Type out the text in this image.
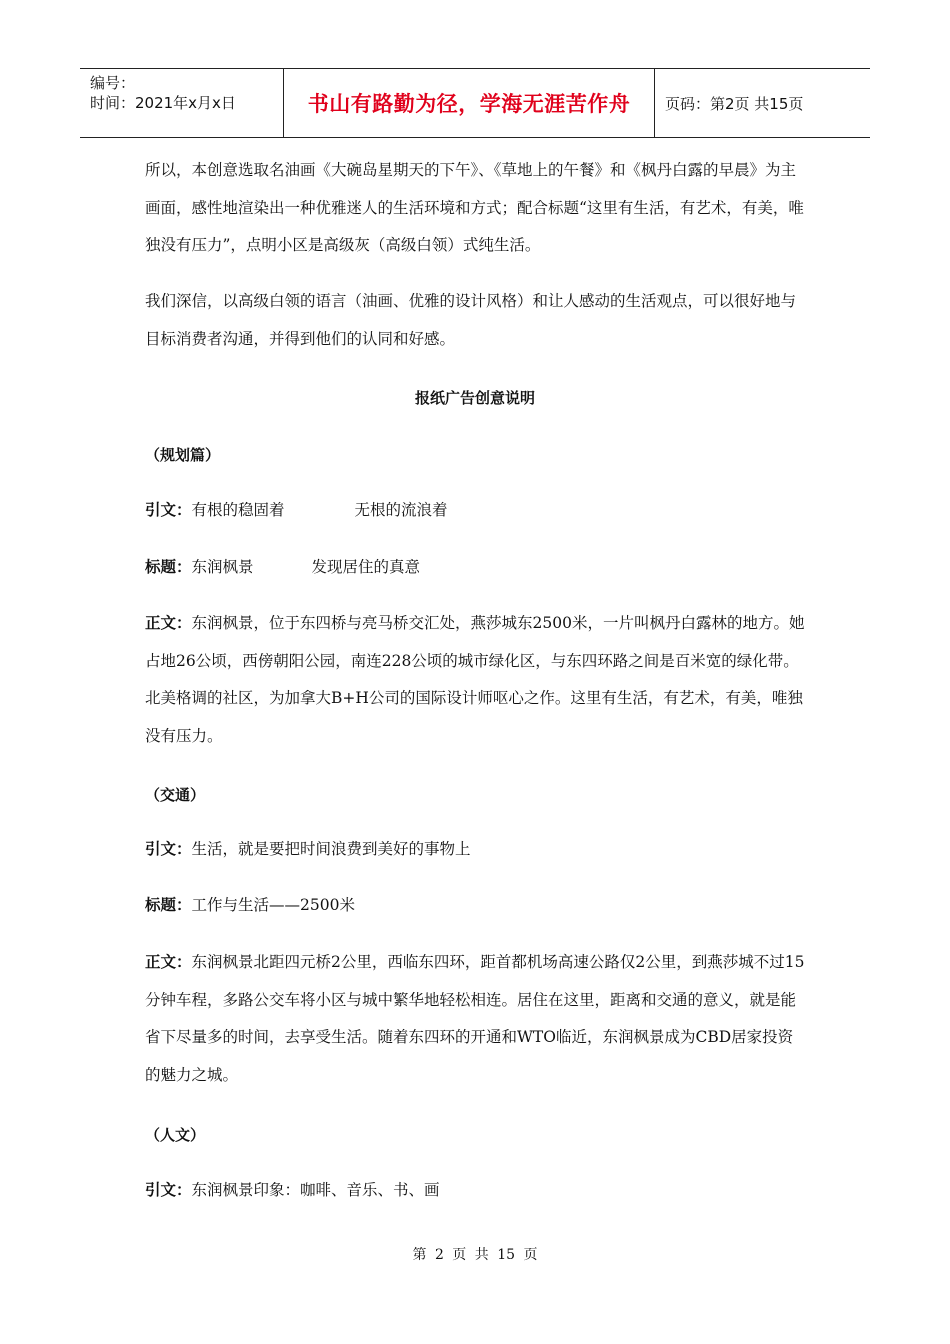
编号：
时间：2021年x月x日	书山有路勤为径，学海无涯苦作舟	页码：第2页 共15页

所以，本创意选取名油画《大碗岛星期天的下午》、《草地上的午餐》和《枫丹白露的早晨》为主画面，感性地渲染出一种优雅迷人的生活环境和方式；配合标题“这里有生活，有艺术，有美，唯独没有压力”，点明小区是高级灰（高级白领）式纯生活。

我们深信，以高级白领的语言（油画、优雅的设计风格）和让人感动的生活观点，可以很好地与目标消费者沟通，并得到他们的认同和好感。

报纸广告创意说明
（规划篇）

引文：有根的稳固着	无根的流浪着

标题：东润枫景	发现居住的真意

正文：东润枫景，位于东四桥与亮马桥交汇处，燕莎城东2500米，一片叫枫丹白露林的地方。她占地26公顷，西傍朝阳公园，南连228公顷的城市绿化区，与东四环路之间是百米宽的绿化带。北美格调的社区，为加拿大B+H公司的国际设计师呕心之作。这里有生活，有艺术，有美，唯独没有压力。

（交通）

引文：生活，就是要把时间浪费到美好的事物上

标题：工作与生活——2500米

正文：东润枫景北距四元桥2公里，西临东四环，距首都机场高速公路仅2公里，到燕莎城不过15分钟车程，多路公交车将小区与城中繁华地轻松相连。居住在这里，距离和交通的意义，就是能省下尽量多的时间，去享受生活。随着东四环的开通和WTO临近，东润枫景成为CBD居家投资的魅力之城。

（人文）

引文：东润枫景印象：咖啡、音乐、书、画

第 2 页 共 15 页
